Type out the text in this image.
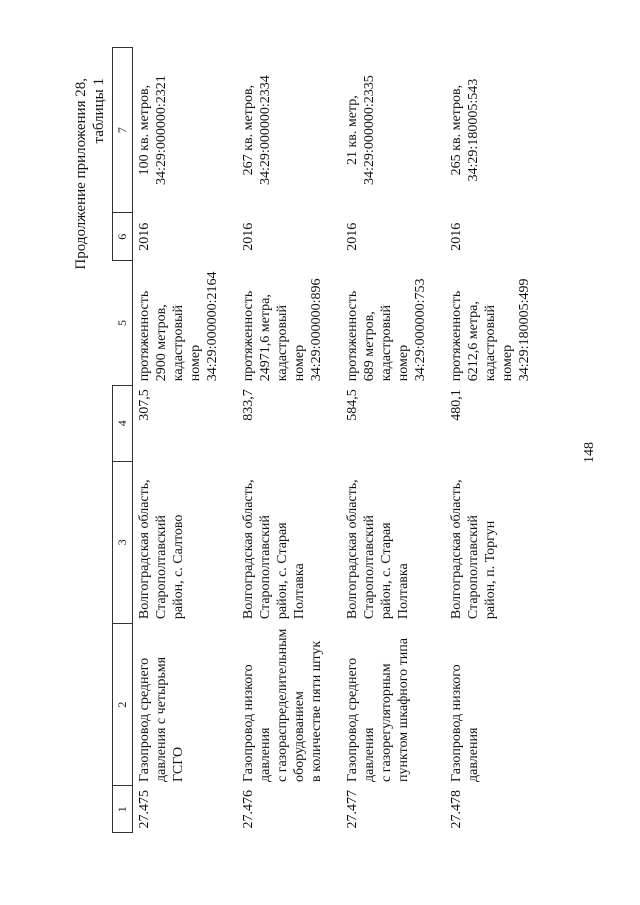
148
Продолжение приложения 28, таблицы 1
1	2	3	4	5	6	7
27.475	Газопровод среднего давления с четырьмя ГСГО	Волгоградская область, Старополтавский район, с. Салтово	307,5	протяженность 2900 метров, кадастровый номер 34:29:000000:2164	2016	100 кв. метров, 34:29:000000:2321

27.476	Газопровод низкого давления с газораспределительным оборудованием в количестве пяти штук	Волгоградская область, Старополтавский район, с. Старая Полтавка	833,7	протяженность 24971,6 метра, кадастровый номер 34:29:000000:896	2016	267 кв. метров, 34:29:000000:2334

27.477	Газопровод среднего давления с газорегуляторным пунктом шкафного типа	Волгоградская область, Старополтавский район, с. Старая Полтавка	584,5	протяженность 689 метров, кадастровый номер 34:29:000000:753	2016	21 кв. метр, 34:29:000000:2335

27.478	Газопровод низкого давления	Волгоградская область, Старополтавский район, п. Торгун	480,1	протяженность 6212,6 метра, кадастровый номер 34:29:180005:499	2016	265 кв. метров, 34:29:180005:543
